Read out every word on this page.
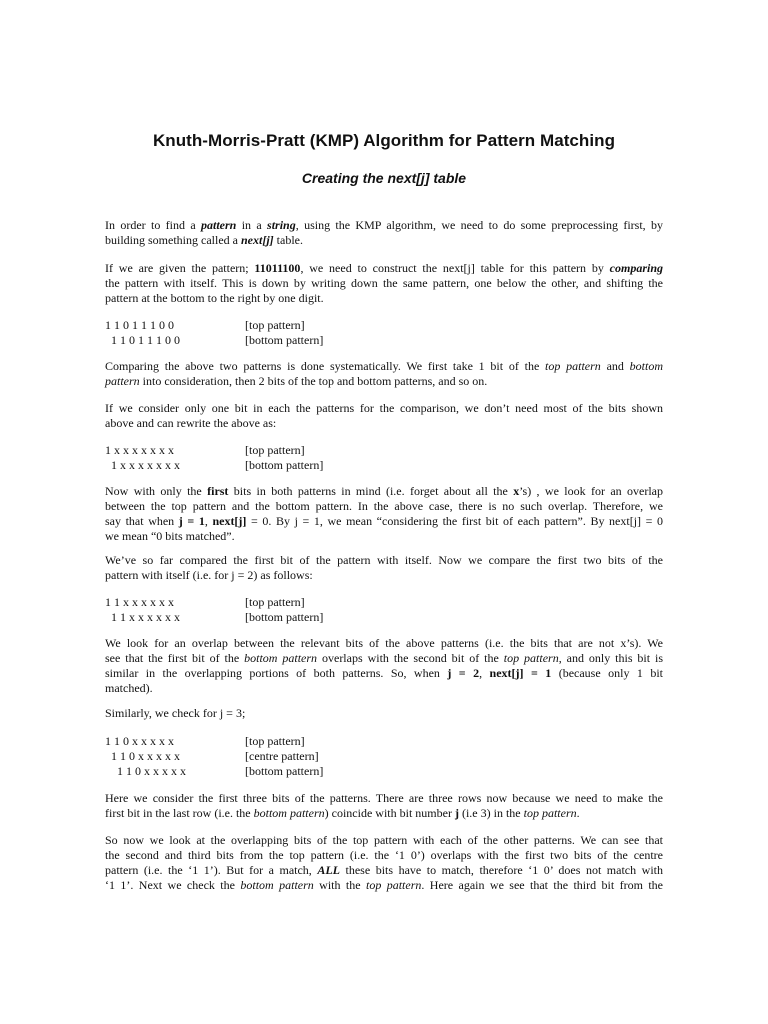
Knuth-Morris-Pratt (KMP) Algorithm for Pattern Matching
Creating the next[j] table
In order to find a pattern in a string, using the KMP algorithm, we need to do some preprocessing first, by
building something called a next[j] table.
If we are given the pattern; 11011100, we need to construct the next[j] table for this pattern by comparing
the pattern with itself. This is down by writing down the same pattern, one below the other, and shifting the
pattern at the bottom to the right by one digit.
1 1 0 1 1 1 0 0	[top pattern]
1 1 0 1 1 1 0 0	[bottom pattern]
Comparing the above two patterns is done systematically. We first take 1 bit of the top pattern and bottom
pattern into consideration, then 2 bits of the top and bottom patterns, and so on.
If we consider only one bit in each the patterns for the comparison, we don’t need most of the bits shown
above and can rewrite the above as:
1 x x x x x x x	[top pattern]
1 x x x x x x x	[bottom pattern]
Now with only the first bits in both patterns in mind (i.e. forget about all the x’s) , we look for an overlap
between the top pattern and the bottom pattern. In the above case, there is no such overlap. Therefore, we
say that when j = 1, next[j] = 0. By j = 1, we mean “considering the first bit of each pattern”. By next[j] = 0
we mean “0 bits matched”.
We’ve so far compared the first bit of the pattern with itself. Now we compare the first two bits of the
pattern with itself (i.e. for j = 2) as follows:
1 1 x x x x x x	[top pattern]
1 1 x x x x x x	[bottom pattern]
We look for an overlap between the relevant bits of the above patterns (i.e. the bits that are not x’s). We
see that the first bit of the bottom pattern overlaps with the second bit of the top pattern, and only this bit is
similar in the overlapping portions of both patterns. So, when j = 2, next[j] = 1 (because only 1 bit
matched).
Similarly, we check for j = 3;
1 1 0 x x x x x	[top pattern]
1 1 0 x x x x x	[centre pattern]
1 1 0 x x x x x	[bottom pattern]
Here we consider the first three bits of the patterns. There are three rows now because we need to make the
first bit in the last row (i.e. the bottom pattern) coincide with bit number j (i.e 3) in the top pattern.
So now we look at the overlapping bits of the top pattern with each of the other patterns. We can see that
the second and third bits from the top pattern (i.e. the ‘1 0’) overlaps with the first two bits of the centre
pattern (i.e. the ‘1 1’). But for a match, ALL these bits have to match, therefore ‘1 0’ does not match with
‘1 1’. Next we check the bottom pattern with the top pattern. Here again we see that the third bit from the
